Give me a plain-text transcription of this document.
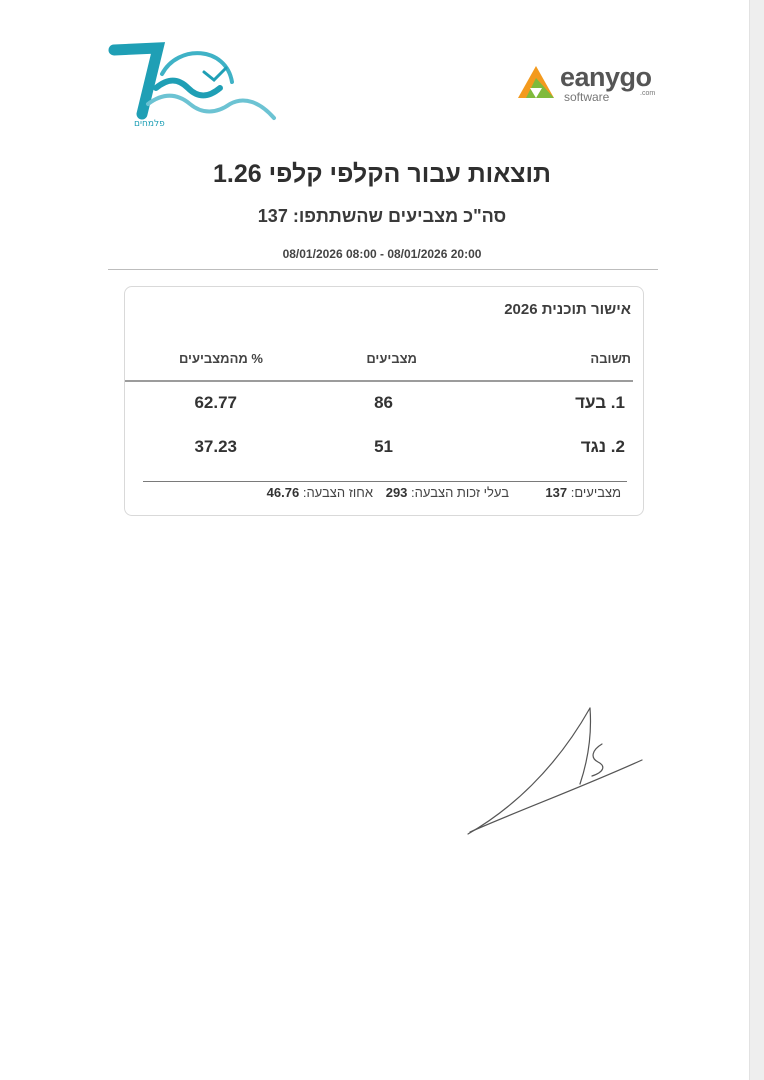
פלמחים
eanygo
software	.com
תוצאות עבור הקלפי קלפי 1.26
סה"כ מצביעים שהשתתפו: 137
08/01/2026 08:00 - 08/01/2026 20:00
אישור תוכנית 2026
תשובה
מצביעים
% מהמצביעים
1. בעד
86
62.77
2. נגד
51
37.23
מצביעים: 137
בעלי זכות הצבעה: 293
אחוז הצבעה: 46.76
